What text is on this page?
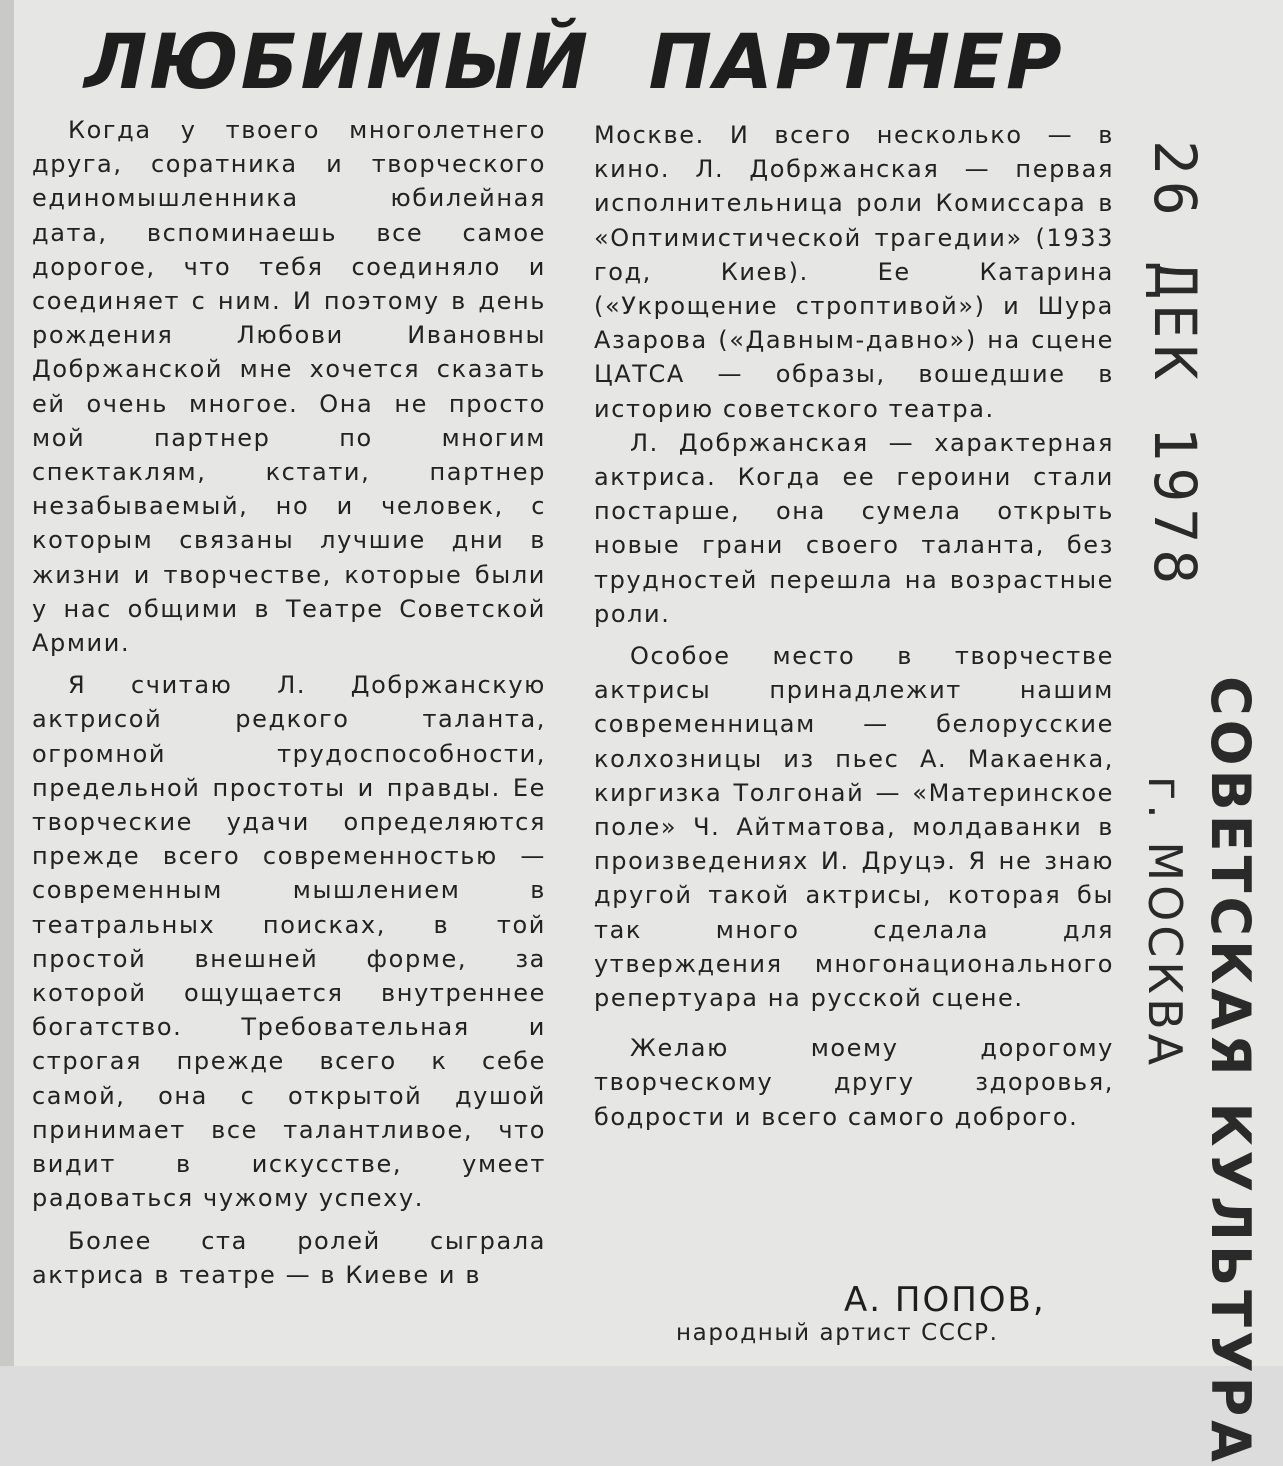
ЛЮБИМЫЙ ПАРТНЕР

Когда у твоего многолетнего друга, соратника и творческого единомышленника юбилейная дата, вспоминаешь все самое дорогое, что тебя соединяло и соединяет с ним. И поэтому в день рождения Любови Ивановны Добржанской мне хочется сказать ей очень многое. Она не просто мой партнер по многим спектаклям, кстати, партнер незабываемый, но и человек, с которым связаны лучшие дни в жизни и творчестве, которые были у нас общими в Театре Советской Армии.

Я считаю Л. Добржанскую актрисой редкого таланта, огромной трудоспособности, предельной простоты и правды. Ее творческие удачи определяются прежде всего современностью — современным мышлением в театральных поисках, в той простой внешней форме, за которой ощущается внутреннее богатство. Требовательная и строгая прежде всего к себе самой, она с открытой душой принимает все талантливое, что видит в искусстве, умеет радоваться чужому успеху.

Более ста ролей сыграла актриса в театре — в Киеве и в

Москве. И всего несколько — в кино. Л. Добржанская — первая исполнительница роли Комиссара в «Оптимистической трагедии» (1933 год, Киев). Ее Катарина («Укрощение строптивой») и Шура Азарова («Давным-давно») на сцене ЦАТСА — образы, вошедшие в историю советского театра.

Л. Добржанская — характерная актриса. Когда ее героини стали постарше, она сумела открыть новые грани своего таланта, без трудностей перешла на возрастные роли.

Особое место в творчестве актрисы принадлежит нашим современницам — белорусские колхозницы из пьес А. Макаенка, киргизка Толгонай — «Материнское поле» Ч. Айтматова, молдаванки в произведениях И. Друцэ. Я не знаю другой такой актрисы, которая бы так много сделала для утверждения многонационального репертуара на русской сцене.

Желаю моему дорогому творческому другу здоровья, бодрости и всего самого доброго.

А. ПОПОВ,

народный артист СССР.

26 ДЕК 1978
СОВЕТСКАЯ КУЛЬТУРА
г. МОСКВА
